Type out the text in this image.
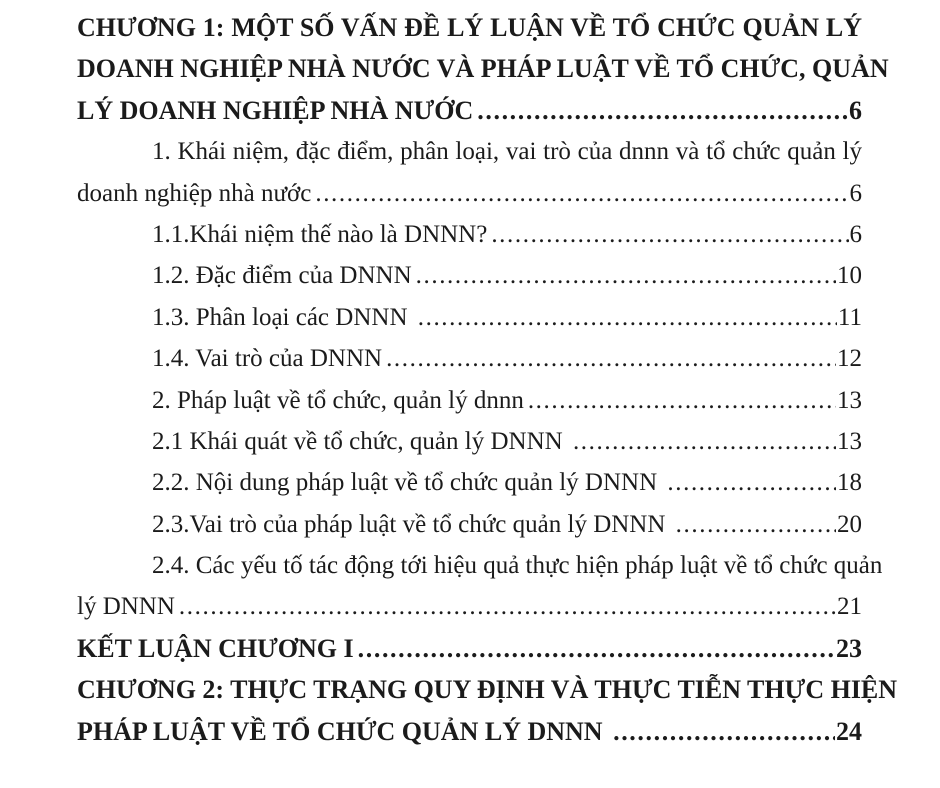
CHƯƠNG 1: MỘT SỐ VẤN ĐỀ LÝ LUẬN VỀ TỔ CHỨC QUẢN LÝ
DOANH NGHIỆP NHÀ NƯỚC VÀ PHÁP LUẬT VỀ TỔ CHỨC, QUẢN
LÝ DOANH NGHIỆP NHÀ NƯỚC .....	6
1. Khái niệm, đặc điểm, phân loại, vai trò của dnnn và tổ chức quản lý
doanh nghiệp nhà nước .....	6
1.1.Khái niệm thế nào là DNNN? .....	6
1.2. Đặc điểm của DNNN .....	10
1.3. Phân loại các DNNN .....	11
1.4. Vai trò của DNNN .....	12
2. Pháp luật về tổ chức, quản lý dnnn .....	13
2.1 Khái quát về tổ chức, quản lý DNNN .....	13
2.2. Nội dung pháp luật về tổ chức quản lý DNNN .....	18
2.3.Vai trò của pháp luật về tổ chức quản lý DNNN .....	20
2.4. Các yếu tố tác động tới hiệu quả thực hiện pháp luật về tổ chức quản
lý DNNN .....	21
KẾT LUẬN CHƯƠNG I .....	23
CHƯƠNG 2: THỰC TRẠNG QUY ĐỊNH VÀ THỰC TIỄN THỰC HIỆN
PHÁP LUẬT VỀ TỔ CHỨC QUẢN LÝ DNNN .....	24
